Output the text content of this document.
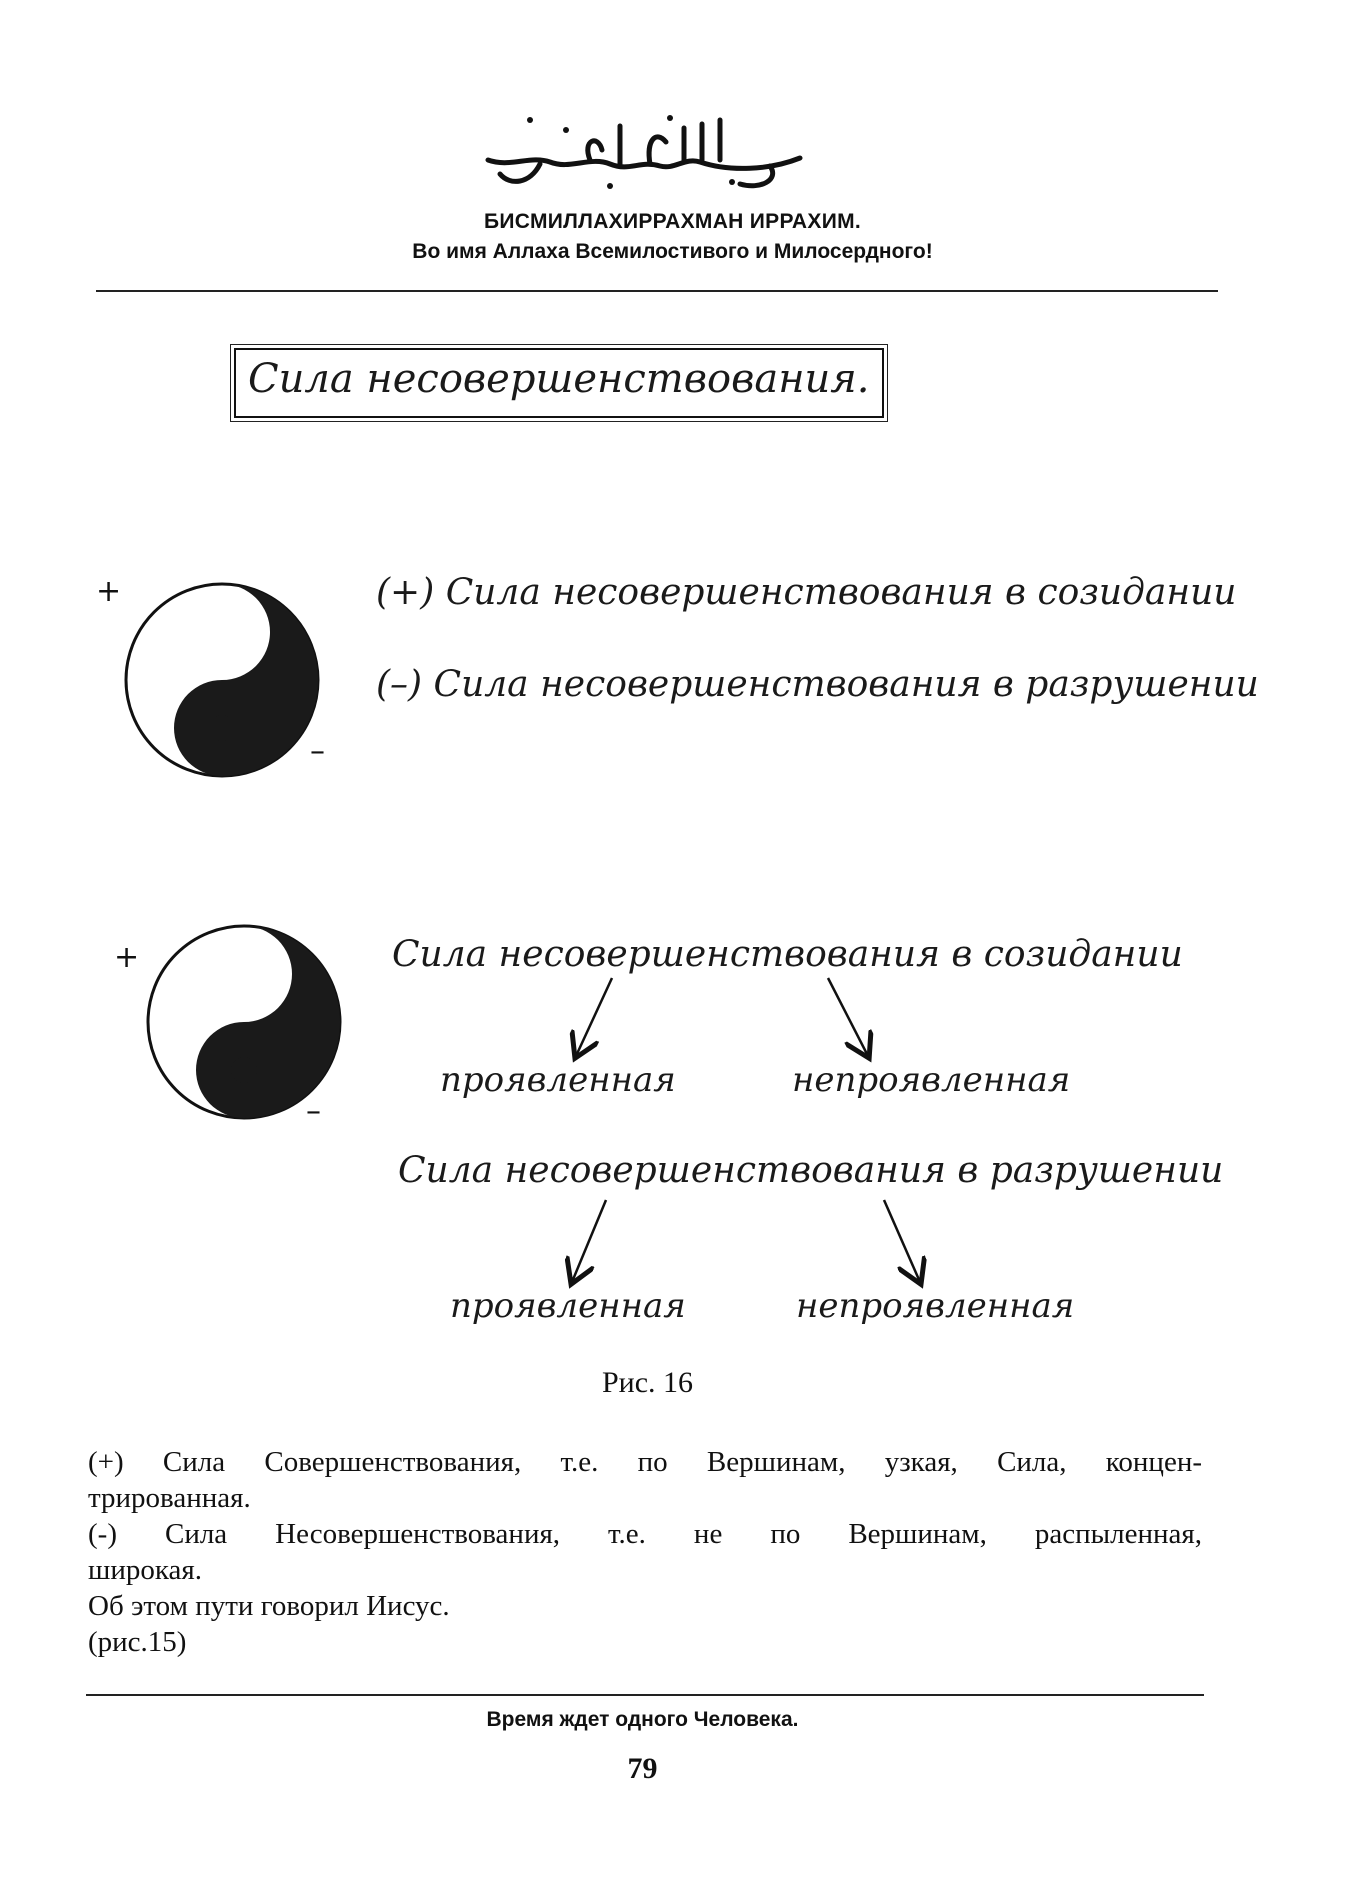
БИСМИЛЛАХИРРАХМАН ИРРАХИМ.
Во имя Аллаха Всемилостивого и Милосердного!
Сила несовершенствования.
+
–
(+) Сила несовершенствования в созидании
(–) Сила несовершенствования в разрушении
+
–
Сила несовершенствования в созидании
проявленная	непроявленная
Сила несовершенствования в разрушении
проявленная	непроявленная
Рис. 16
(+) Сила Совершенствования, т.е. по Вершинам, узкая, Сила, концен-
трированная.
(-) Сила Несовершенствования, т.е. не по Вершинам, распыленная,
широкая.
Об этом пути говорил Иисус.
(рис.15)
Время ждет одного Человека.
79
